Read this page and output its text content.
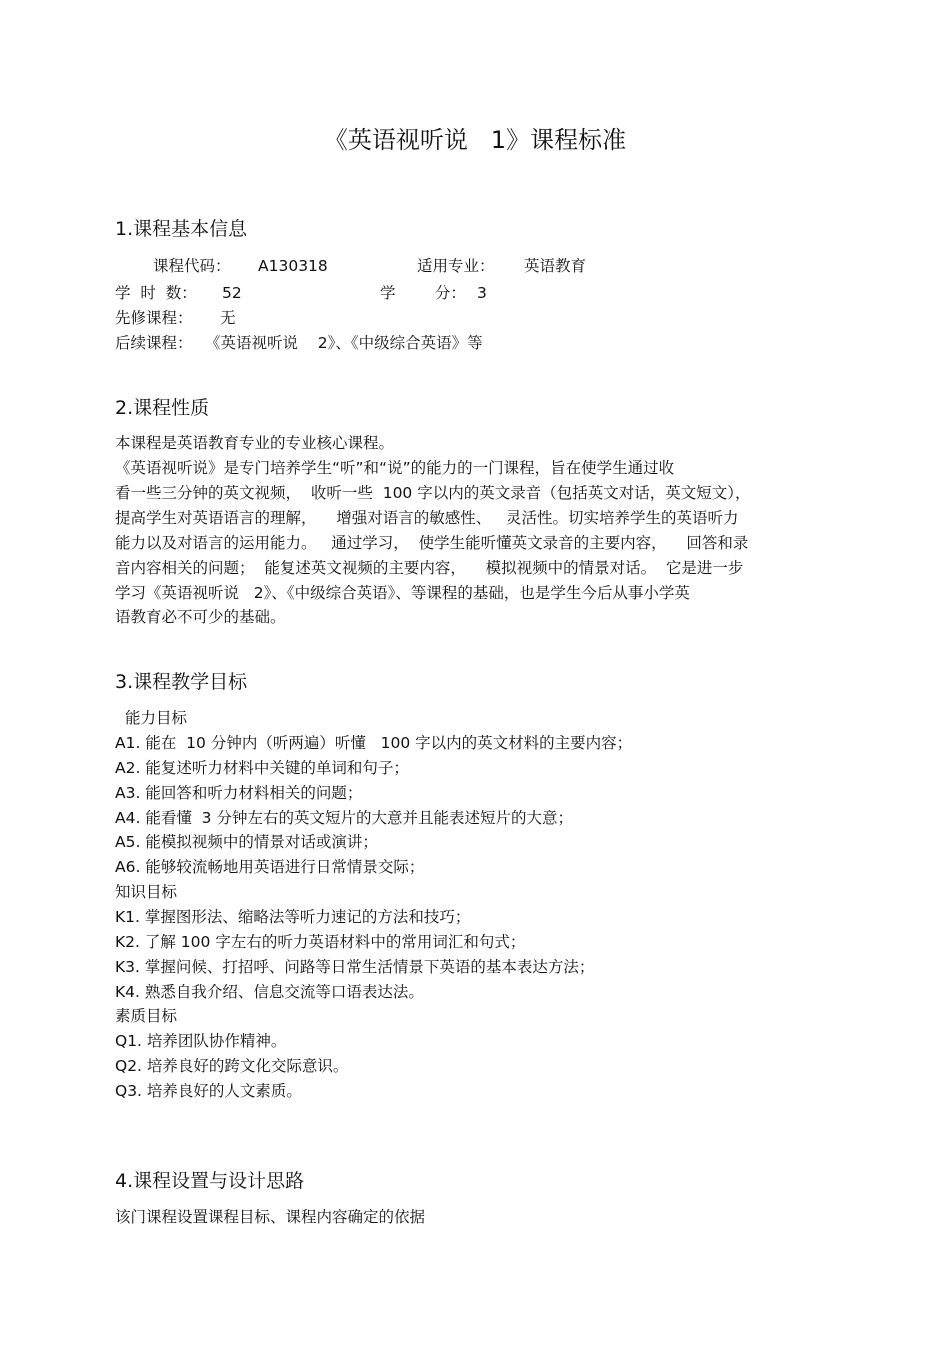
《英语视听说   1》课程标准
1.课程基本信息
课程代码： A130318	适用专业： 英语教育
学  时  数： 52	学        分： 3
先修课程： 无
后续课程： 《英语视听说    2》、《中级综合英语》等
2.课程性质
本课程是英语教育专业的专业核心课程。
《英语视听说》是专门培养学生“听”和“说”的能力的一门课程，旨在使学生通过收
看一些三分钟的英文视频，  收听一些  100 字以内的英文录音（包括英文对话，英文短文），
提高学生对英语语言的理解，    增强对语言的敏感性、   灵活性。切实培养学生的英语听力
能力以及对语言的运用能力。   通过学习，  使学生能听懂英文录音的主要内容，    回答和录
音内容相关的问题；  能复述英文视频的主要内容，    模拟视频中的情景对话。  它是进一步
学习《英语视听说   2》、《中级综合英语》、等课程的基础，也是学生今后从事小学英
语教育必不可少的基础。
3.课程教学目标
能力目标
A1. 能在  10 分钟内（听两遍）听懂   100 字以内的英文材料的主要内容；
A2. 能复述听力材料中关键的单词和句子；
A3. 能回答和听力材料相关的问题；
A4. 能看懂  3 分钟左右的英文短片的大意并且能表述短片的大意；
A5. 能模拟视频中的情景对话或演讲；
A6. 能够较流畅地用英语进行日常情景交际；
知识目标
K1. 掌握图形法、缩略法等听力速记的方法和技巧；
K2. 了解 100 字左右的听力英语材料中的常用词汇和句式；
K3. 掌握问候、打招呼、问路等日常生活情景下英语的基本表达方法；
K4. 熟悉自我介绍、信息交流等口语表达法。
素质目标
Q1. 培养团队协作精神。
Q2. 培养良好的跨文化交际意识。
Q3. 培养良好的人文素质。
4.课程设置与设计思路
该门课程设置课程目标、课程内容确定的依据
